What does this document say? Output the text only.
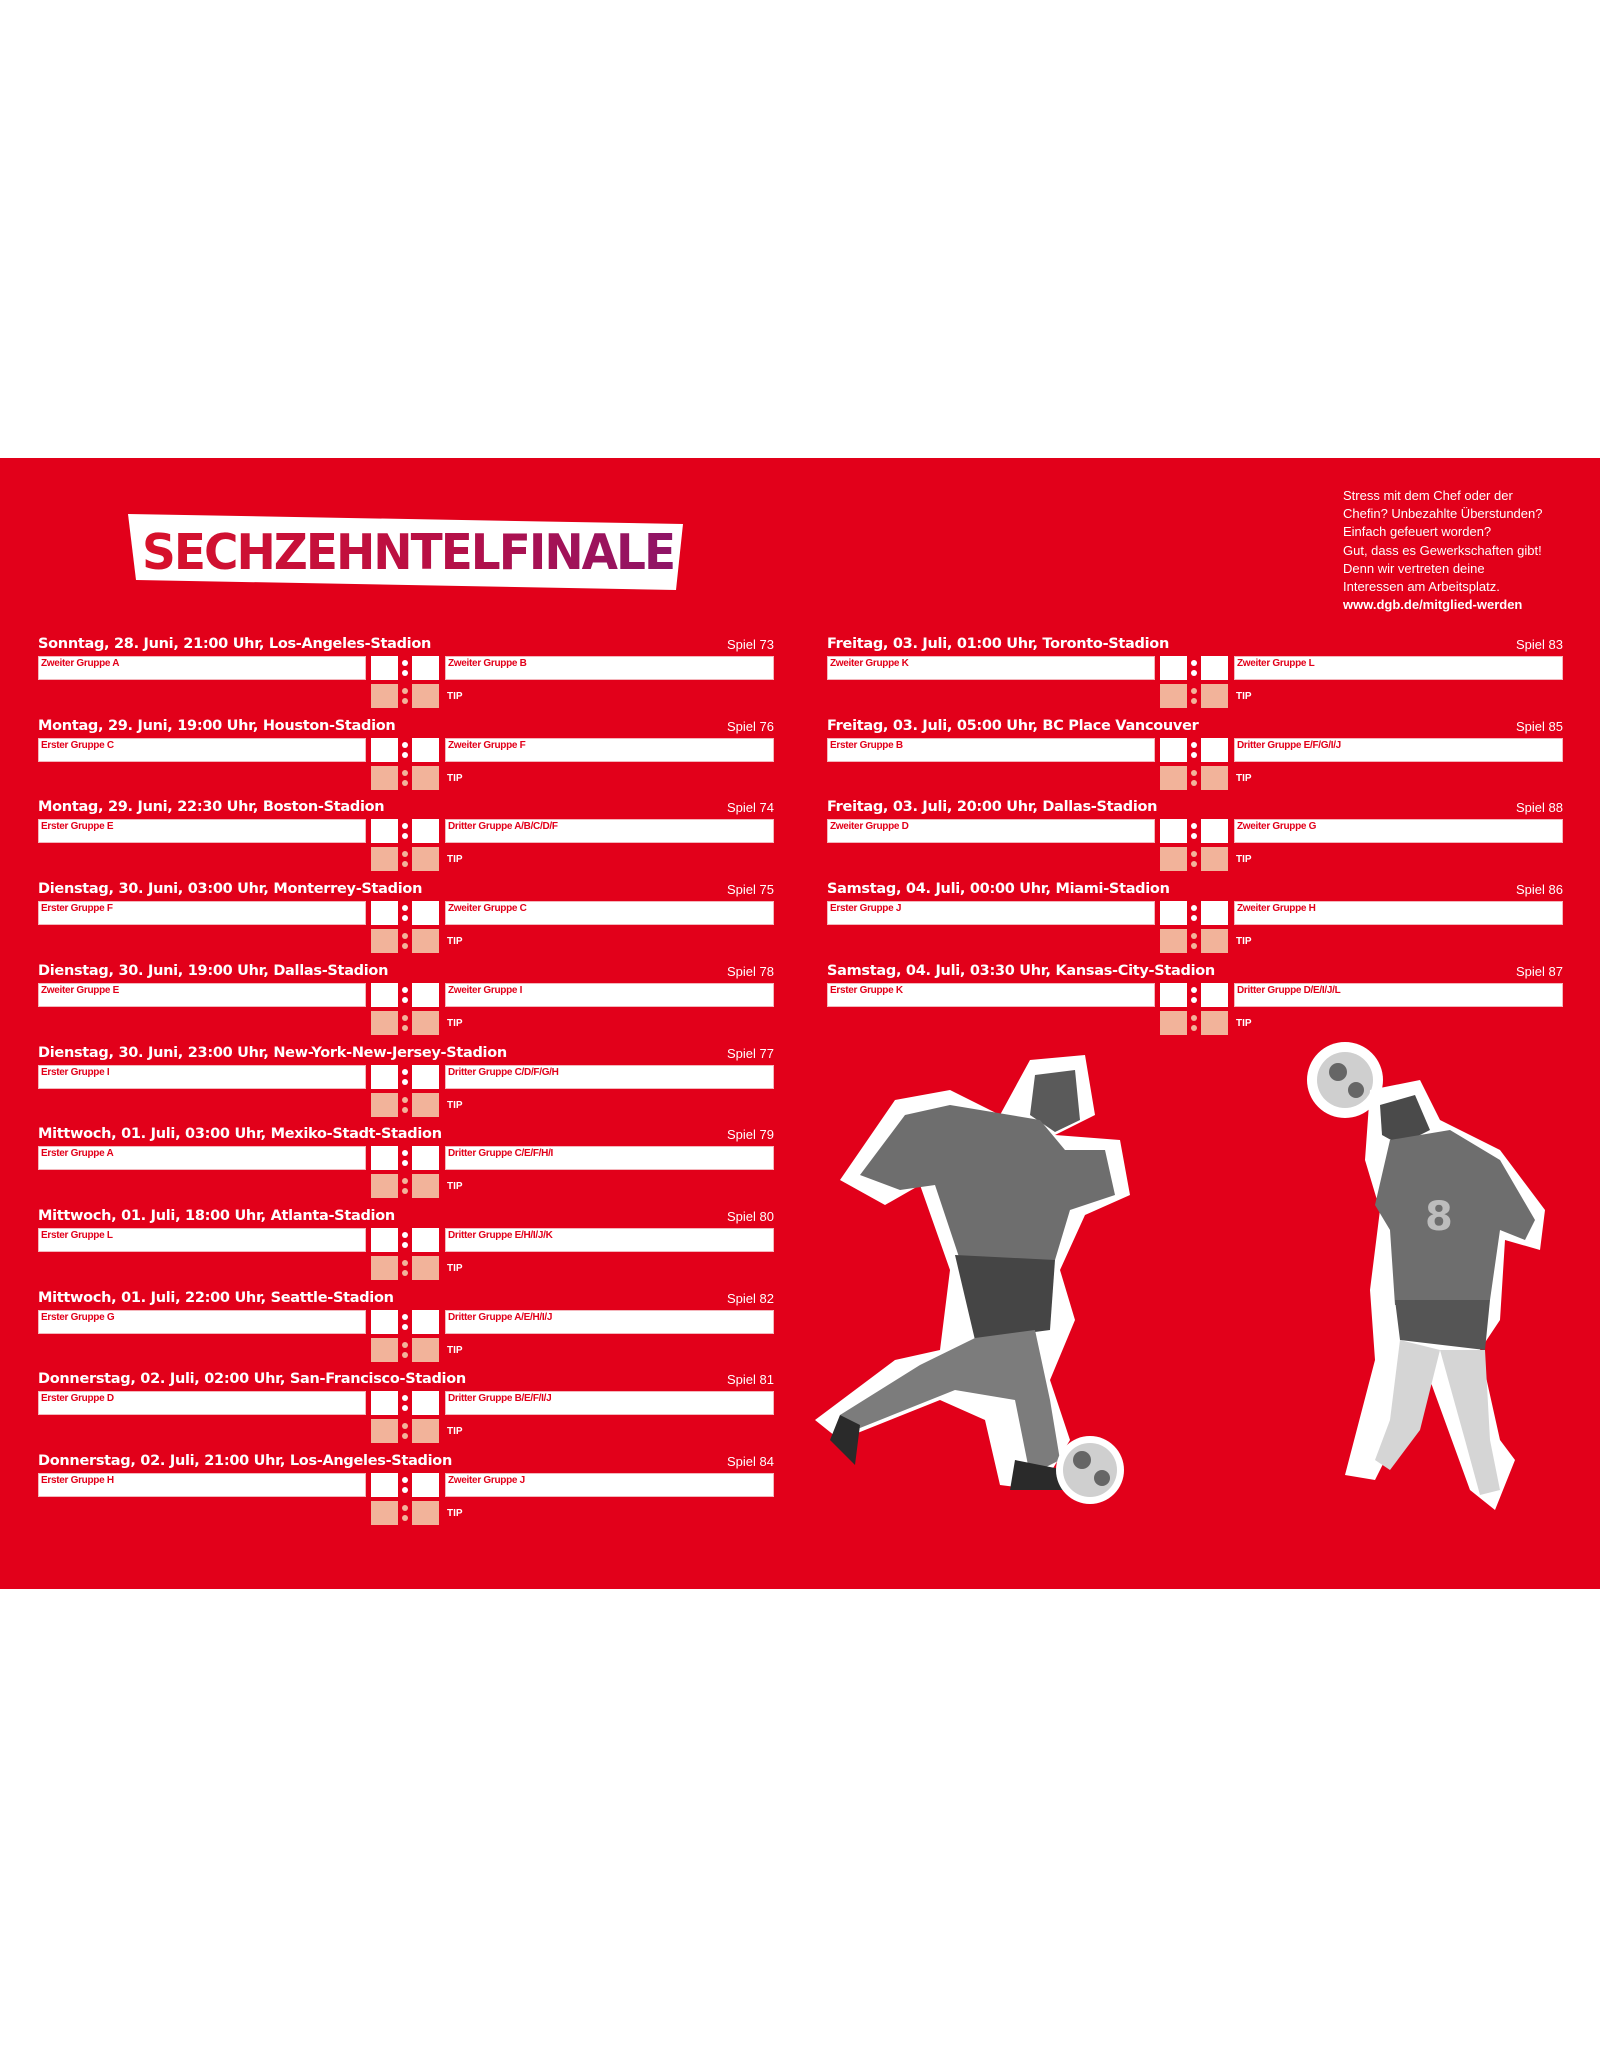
SECHZEHNTELFINALE
Stress mit dem Chef oder der
Chefin? Unbezahlte Überstunden?
Einfach gefeuert worden?
Gut, dass es Gewerkschaften gibt!
Denn wir vertreten deine
Interessen am Arbeitsplatz.
www.dgb.de/mitglied-werden
Sonntag, 28. Juni, 21:00 Uhr, Los-Angeles-Stadion	Spiel 73
Zweiter Gruppe A	Zweiter Gruppe B
TIP
Montag, 29. Juni, 19:00 Uhr, Houston-Stadion	Spiel 76
Erster Gruppe C	Zweiter Gruppe F
TIP
Montag, 29. Juni, 22:30 Uhr, Boston-Stadion	Spiel 74
Erster Gruppe E	Dritter Gruppe A/B/C/D/F
TIP
Dienstag, 30. Juni, 03:00 Uhr, Monterrey-Stadion	Spiel 75
Erster Gruppe F	Zweiter Gruppe C
TIP
Dienstag, 30. Juni, 19:00 Uhr, Dallas-Stadion	Spiel 78
Zweiter Gruppe E	Zweiter Gruppe I
TIP
Dienstag, 30. Juni, 23:00 Uhr, New-York-New-Jersey-Stadion	Spiel 77
Erster Gruppe I	Dritter Gruppe C/D/F/G/H
TIP
Mittwoch, 01. Juli, 03:00 Uhr, Mexiko-Stadt-Stadion	Spiel 79
Erster Gruppe A	Dritter Gruppe C/E/F/H/I
TIP
Mittwoch, 01. Juli, 18:00 Uhr, Atlanta-Stadion	Spiel 80
Erster Gruppe L	Dritter Gruppe E/H/I/J/K
TIP
Mittwoch, 01. Juli, 22:00 Uhr, Seattle-Stadion	Spiel 82
Erster Gruppe G	Dritter Gruppe A/E/H/I/J
TIP
Donnerstag, 02. Juli, 02:00 Uhr, San-Francisco-Stadion	Spiel 81
Erster Gruppe D	Dritter Gruppe B/E/F/I/J
TIP
Donnerstag, 02. Juli, 21:00 Uhr, Los-Angeles-Stadion	Spiel 84
Erster Gruppe H	Zweiter Gruppe J
TIP
Freitag, 03. Juli, 01:00 Uhr, Toronto-Stadion	Spiel 83
Zweiter Gruppe K	Zweiter Gruppe L
TIP
Freitag, 03. Juli, 05:00 Uhr, BC Place Vancouver	Spiel 85
Erster Gruppe B	Dritter Gruppe E/F/G/I/J
TIP
Freitag, 03. Juli, 20:00 Uhr, Dallas-Stadion	Spiel 88
Zweiter Gruppe D	Zweiter Gruppe G
TIP
Samstag, 04. Juli, 00:00 Uhr, Miami-Stadion	Spiel 86
Erster Gruppe J	Zweiter Gruppe H
TIP
Samstag, 04. Juli, 03:30 Uhr, Kansas-City-Stadion	Spiel 87
Erster Gruppe K	Dritter Gruppe D/E/I/J/L
TIP
8
